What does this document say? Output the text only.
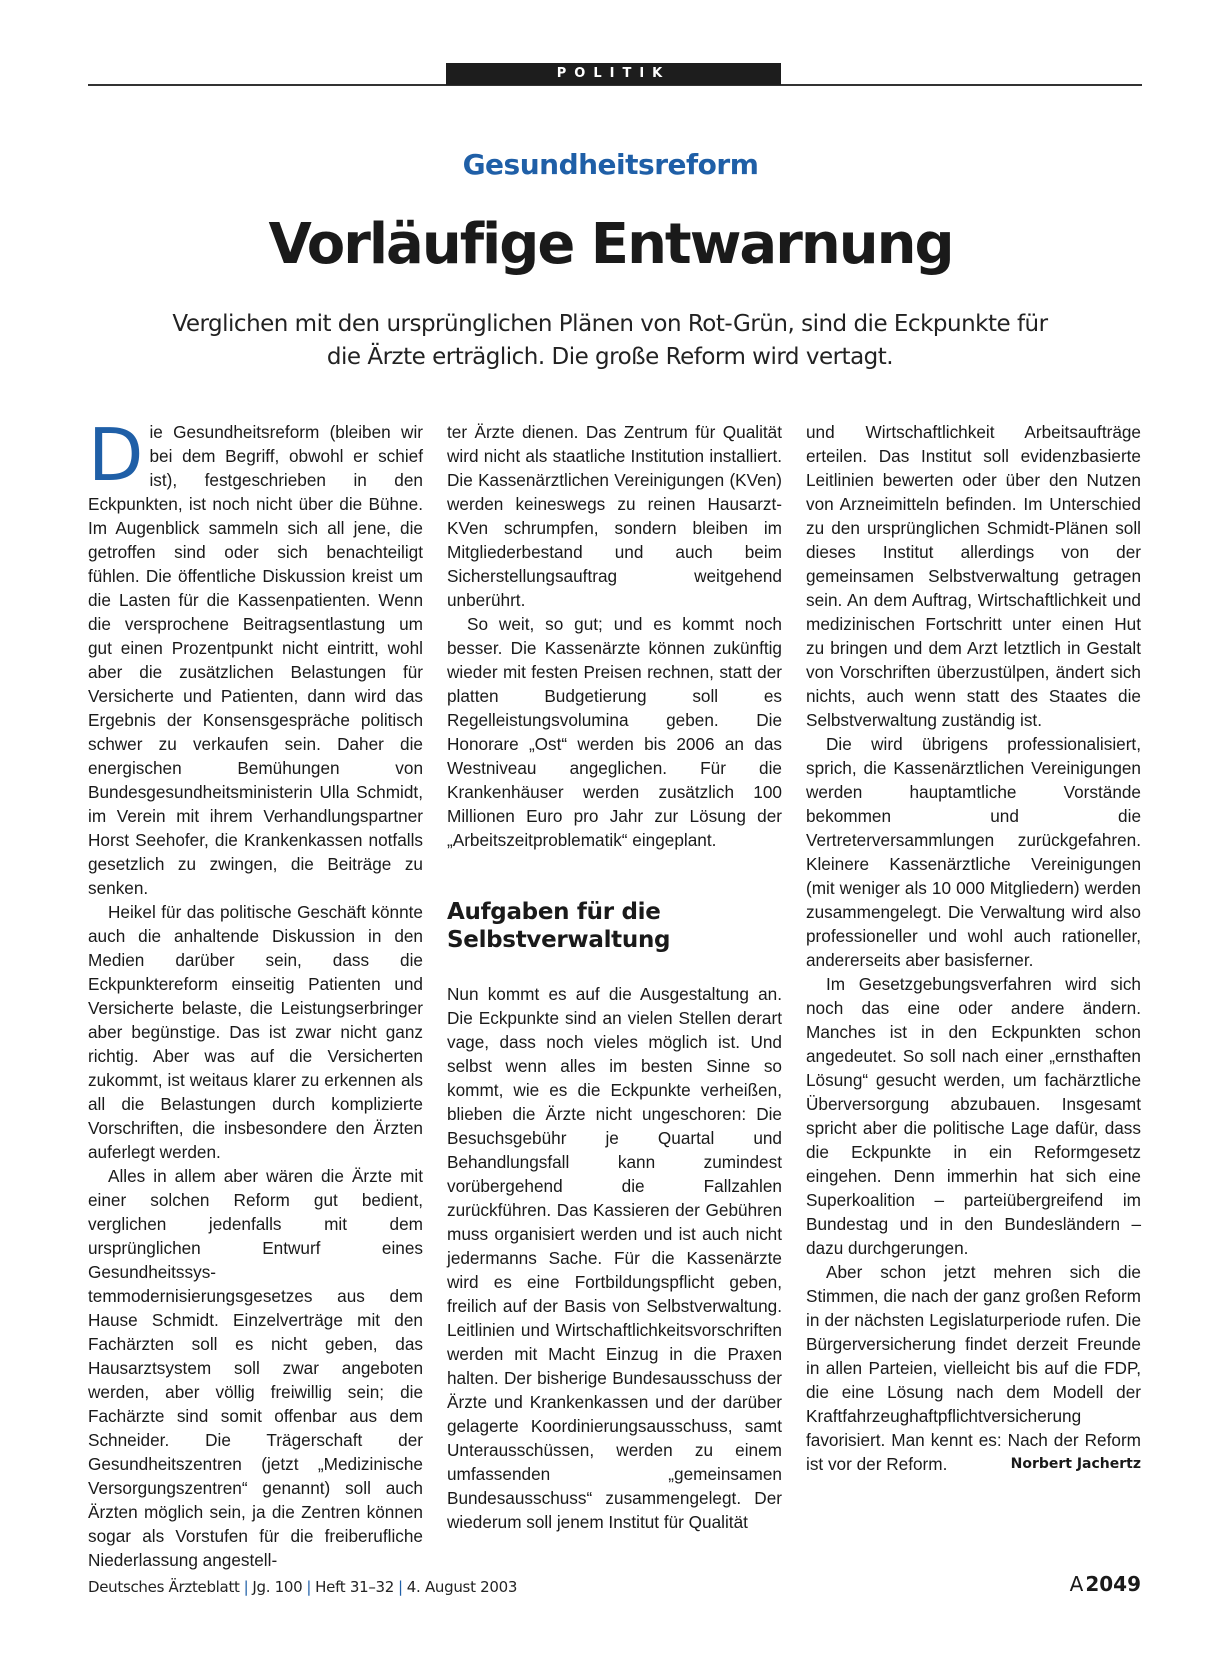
POLITIK
Gesundheitsreform
Vorläufige Entwarnung
Verglichen mit den ursprünglichen Plänen von Rot-Grün, sind die Eckpunkte für die Ärzte erträglich. Die große Reform wird vertagt.

Die Gesundheitsreform (bleiben wir bei dem Begriff, obwohl er schief ist), festgeschrieben in den Eckpunkten, ist noch nicht über die Bühne. Im Augenblick sammeln sich all jene, die getroffen sind oder sich benachteiligt fühlen. Die öffentliche Diskussion kreist um die Lasten für die Kassenpatienten. Wenn die versprochene Beitragsentlastung um gut einen Prozentpunkt nicht eintritt, wohl aber die zusätzlichen Belastungen für Versicherte und Patienten, dann wird das Ergebnis der Konsensgespräche politisch schwer zu verkaufen sein. Daher die energischen Bemühungen von Bundesgesundheitsministerin Ulla Schmidt, im Verein mit ihrem Verhandlungspartner Horst Seehofer, die Krankenkassen notfalls gesetzlich zu zwingen, die Beiträge zu senken.

Heikel für das politische Geschäft könnte auch die anhaltende Diskussion in den Medien darüber sein, dass die Eckpunktereform einseitig Patienten und Versicherte belaste, die Leistungserbringer aber begünstige. Das ist zwar nicht ganz richtig. Aber was auf die Versicherten zukommt, ist weitaus klarer zu erkennen als all die Belastungen durch komplizierte Vorschriften, die insbesondere den Ärzten auferlegt werden.

Alles in allem aber wären die Ärzte mit einer solchen Reform gut bedient, verglichen jedenfalls mit dem ursprünglichen Entwurf eines Gesundheitssystemmodernisierungsgesetzes aus dem Hause Schmidt. Einzelverträge mit den Fachärzten soll es nicht geben, das Hausarztsystem soll zwar angeboten werden, aber völlig freiwillig sein; die Fachärzte sind somit offenbar aus dem Schneider. Die Trägerschaft der Gesundheitszentren (jetzt „Medizinische Versorgungszentren“ genannt) soll auch Ärzten möglich sein, ja die Zentren können sogar als Vorstufen für die freiberufliche Niederlassung angestell-

ter Ärzte dienen. Das Zentrum für Qualität wird nicht als staatliche Institution installiert. Die Kassenärztlichen Vereinigungen (KVen) werden keineswegs zu reinen Hausarzt-KVen schrumpfen, sondern bleiben im Mitgliederbestand und auch beim Sicherstellungsauftrag weitgehend unberührt.

So weit, so gut; und es kommt noch besser. Die Kassenärzte können zukünftig wieder mit festen Preisen rechnen, statt der platten Budgetierung soll es Regelleistungsvolumina geben. Die Honorare „Ost“ werden bis 2006 an das Westniveau angeglichen. Für die Krankenhäuser werden zusätzlich 100 Millionen Euro pro Jahr zur Lösung der „Arbeitszeitproblematik“ eingeplant.

Aufgaben für die Selbstverwaltung

Nun kommt es auf die Ausgestaltung an. Die Eckpunkte sind an vielen Stellen derart vage, dass noch vieles möglich ist. Und selbst wenn alles im besten Sinne so kommt, wie es die Eckpunkte verheißen, blieben die Ärzte nicht ungeschoren: Die Besuchsgebühr je Quartal und Behandlungsfall kann zumindest vorübergehend die Fallzahlen zurückführen. Das Kassieren der Gebühren muss organisiert werden und ist auch nicht jedermanns Sache. Für die Kassenärzte wird es eine Fortbildungspflicht geben, freilich auf der Basis von Selbstverwaltung. Leitlinien und Wirtschaftlichkeitsvorschriften werden mit Macht Einzug in die Praxen halten. Der bisherige Bundesausschuss der Ärzte und Krankenkassen und der darüber gelagerte Koordinierungsausschuss, samt Unterausschüssen, werden zu einem umfassenden „gemeinsamen Bundesausschuss“ zusammengelegt. Der wiederum soll jenem Institut für Qualität

und Wirtschaftlichkeit Arbeitsaufträge erteilen. Das Institut soll evidenzbasierte Leitlinien bewerten oder über den Nutzen von Arzneimitteln befinden. Im Unterschied zu den ursprünglichen Schmidt-Plänen soll dieses Institut allerdings von der gemeinsamen Selbstverwaltung getragen sein. An dem Auftrag, Wirtschaftlichkeit und medizinischen Fortschritt unter einen Hut zu bringen und dem Arzt letztlich in Gestalt von Vorschriften überzustülpen, ändert sich nichts, auch wenn statt des Staates die Selbstverwaltung zuständig ist.

Die wird übrigens professionalisiert, sprich, die Kassenärztlichen Vereinigungen werden hauptamtliche Vorstände bekommen und die Vertreterversammlungen zurückgefahren. Kleinere Kassenärztliche Vereinigungen (mit weniger als 10 000 Mitgliedern) werden zusammengelegt. Die Verwaltung wird also professioneller und wohl auch rationeller, andererseits aber basisferner.

Im Gesetzgebungsverfahren wird sich noch das eine oder andere ändern. Manches ist in den Eckpunkten schon angedeutet. So soll nach einer „ernsthaften Lösung“ gesucht werden, um fachärztliche Überversorgung abzubauen. Insgesamt spricht aber die politische Lage dafür, dass die Eckpunkte in ein Reformgesetz eingehen. Denn immerhin hat sich eine Superkoalition – parteiübergreifend im Bundestag und in den Bundesländern – dazu durchgerungen.

Aber schon jetzt mehren sich die Stimmen, die nach der ganz großen Reform in der nächsten Legislaturperiode rufen. Die Bürgerversicherung findet derzeit Freunde in allen Parteien, vielleicht bis auf die FDP, die eine Lösung nach dem Modell der Kraftfahrzeughaftpflichtversicherung favorisiert. Man kennt es: Nach der Reform ist vor der Reform.	Norbert Jachertz

Deutsches Ärzteblatt | Jg. 100 | Heft 31–32 | 4. August 2003	A 2049
